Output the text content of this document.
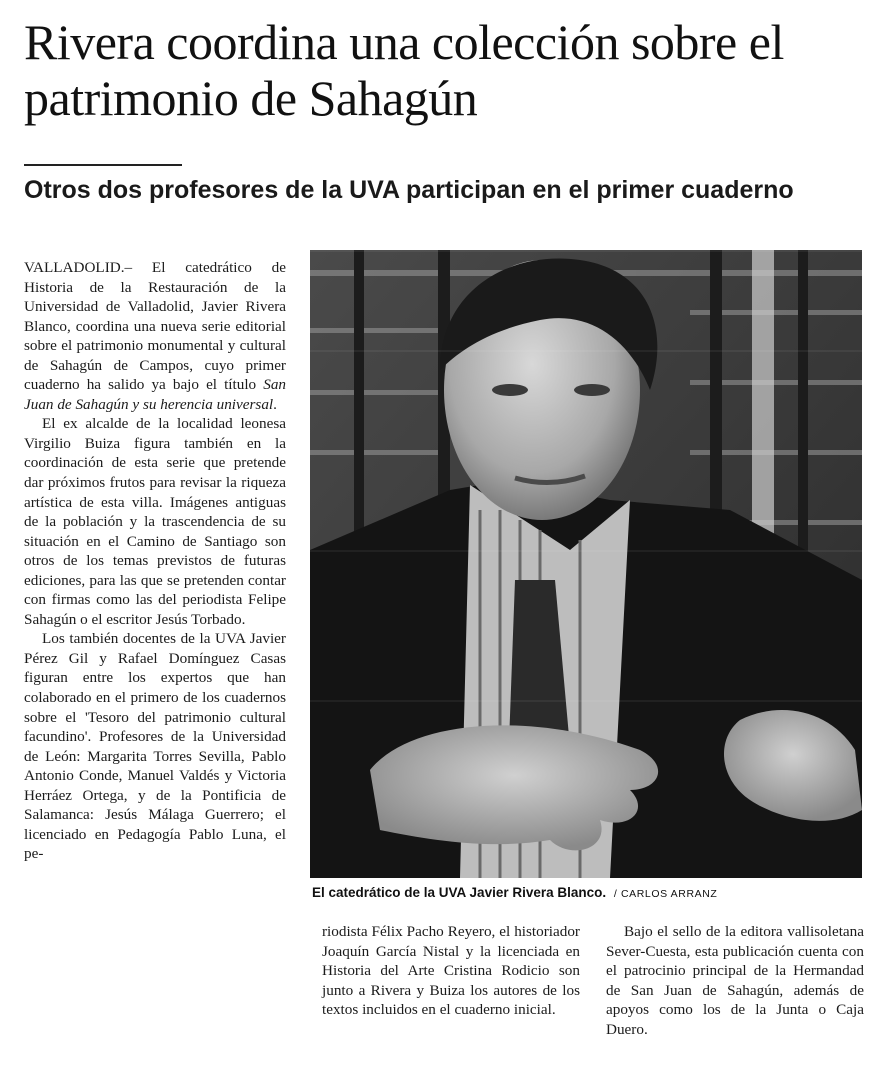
Rivera coordina una colección sobre el patrimonio de Sahagún
Otros dos profesores de la UVA participan en el primer cuaderno

VALLADOLID.– El catedrático de Historia de la Restauración de la Universidad de Valladolid, Javier Rivera Blanco, coordina una nueva serie editorial sobre el patrimonio monumental y cultural de Sahagún de Campos, cuyo primer cuaderno ha salido ya bajo el título San Juan de Sahagún y su herencia universal.

El ex alcalde de la localidad leonesa Virgilio Buiza figura también en la coordinación de esta serie que pretende dar próximos frutos para revisar la riqueza artística de esta villa. Imágenes antiguas de la población y la trascendencia de su situación en el Camino de Santiago son otros de los temas previstos de futuras ediciones, para las que se pretenden contar con firmas como las del periodista Felipe Sahagún o el escritor Jesús Torbado.

Los también docentes de la UVA Javier Pérez Gil y Rafael Domínguez Casas figuran entre los expertos que han colaborado en el primero de los cuadernos sobre el 'Tesoro del patrimonio cultural facundino'. Profesores de la Universidad de León: Margarita Torres Sevilla, Pablo Antonio Conde, Manuel Valdés y Victoria Herráez Ortega, y de la Pontificia de Salamanca: Jesús Málaga Guerrero; el licenciado en Pedagogía Pablo Luna, el pe-

El catedrático de la UVA Javier Rivera Blanco. / CARLOS ARRANZ

riodista Félix Pacho Reyero, el historiador Joaquín García Nistal y la licenciada en Historia del Arte Cristina Rodicio son junto a Rivera y Buiza los autores de los textos incluidos en el cuaderno inicial.

Bajo el sello de la editora vallisoletana Sever-Cuesta, esta publicación cuenta con el patrocinio principal de la Hermandad de San Juan de Sahagún, además de apoyos como los de la Junta o Caja Duero.
